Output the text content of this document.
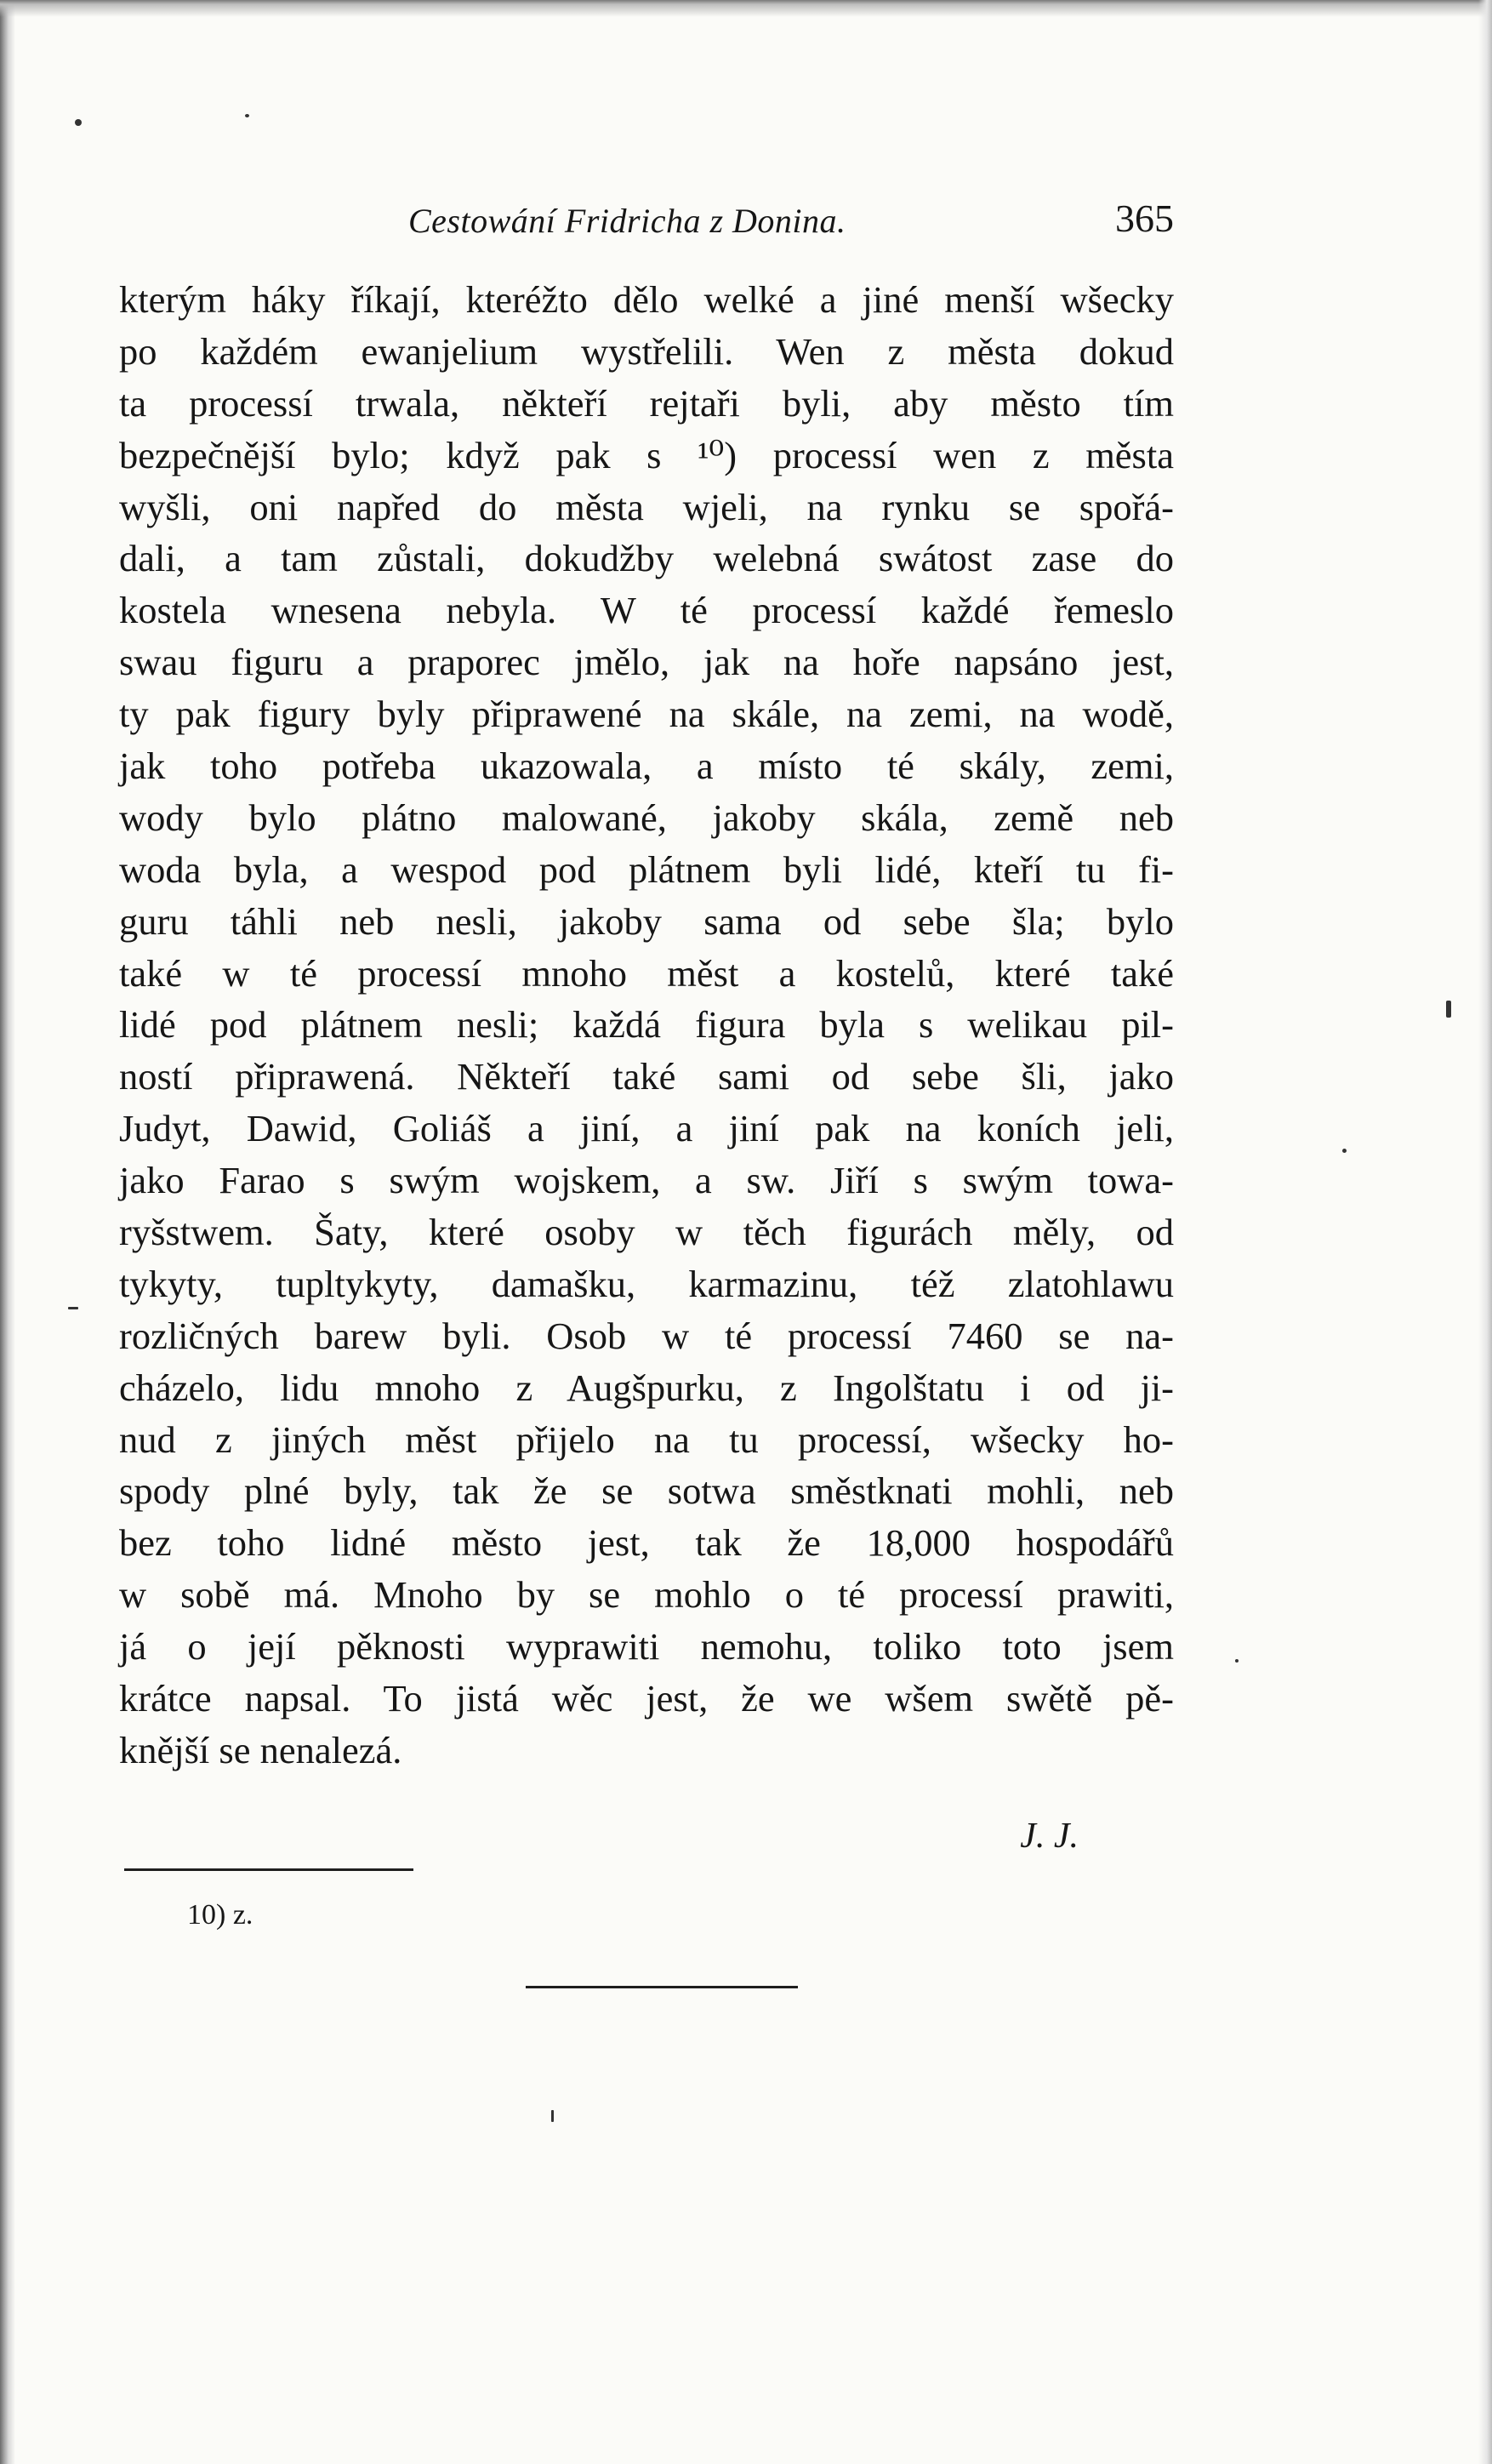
Cestowání Fridricha z Donina.	365
kterým háky říkají, kteréžto dělo welké a jiné menší wšecky
po každém ewanjelium wystřelili. Wen z města dokud
ta processí trwala, někteří rejtaři byli, aby město tím
bezpečnější bylo; když pak s ¹⁰) processí wen z města
wyšli, oni napřed do města wjeli, na rynku se spořá-
dali, a tam zůstali, dokudžby welebná swátost zase do
kostela wnesena nebyla. W té processí každé řemeslo
swau figuru a praporec jmělo, jak na hoře napsáno jest,
ty pak figury byly připrawené na skále, na zemi, na wodě,
jak toho potřeba ukazowala, a místo té skály, zemi,
wody bylo plátno malowané, jakoby skála, země neb
woda byla, a wespod pod plátnem byli lidé, kteří tu fi-
guru táhli neb nesli, jakoby sama od sebe šla; bylo
také w té processí mnoho měst a kostelů, které také
lidé pod plátnem nesli; každá figura byla s welikau pil-
ností připrawená. Někteří také sami od sebe šli, jako
Judyt, Dawid, Goliáš a jiní, a jiní pak na koních jeli,
jako Farao s swým wojskem, a sw. Jiří s swým towa-
ryšstwem. Šaty, které osoby w těch figurách měly, od
tykyty, tupltykyty, damašku, karmazinu, též zlatohlawu
rozličných barew byli. Osob w té processí 7460 se na-
cházelo, lidu mnoho z Augšpurku, z Ingolštatu i od ji-
nud z jiných měst přijelo na tu processí, wšecky ho-
spody plné byly, tak že se sotwa směstknati mohli, neb
bez toho lidné město jest, tak že 18,000 hospodářů
w sobě má. Mnoho by se mohlo o té processí prawiti,
já o její pěknosti wyprawiti nemohu, toliko toto jsem
krátce napsal. To jistá wěc jest, že we wšem swětě pě-
knější se nenalezá.
J. J.
10) z.
